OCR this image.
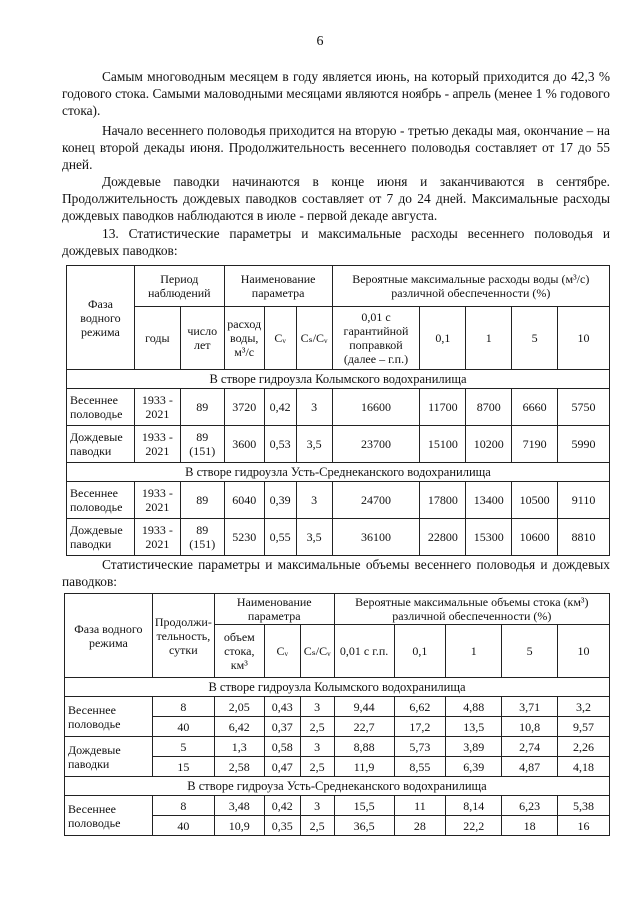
6

Самым многоводным месяцем в году является июнь, на который приходится до 42,3 % годового стока. Самыми маловодными месяцами являются ноябрь - апрель (менее 1 % годового стока).

Начало весеннего половодья приходится на вторую - третью декады мая, окончание – на конец второй декады июня. Продолжительность весеннего половодья составляет от 17 до 55 дней.

Дождевые паводки начинаются в конце июня и заканчиваются в сентябре. Продолжительность дождевых паводков составляет от 7 до 24 дней. Максимальные расходы дождевых паводков наблюдаются в июле - первой декаде августа.

13. Статистические параметры и максимальные расходы весеннего половодья и дождевых паводков:

Фаза водного режима	Период наблюдений		Наименование параметра			Вероятные максимальные расходы воды (м³/с) различной обеспеченности (%)				
	годы	число лет	расход воды, м³/с	Cᵥ	Cₛ/Cᵥ	0,01 с гарантийной поправкой (далее – г.п.)	0,1	1	5	10
В створе гидроузла Колымского водохранилища										
Весеннее половодье	1933 - 2021	89	3720	0,42	3	16600	11700	8700	6660	5750
Дождевые паводки	1933 - 2021	89 (151)	3600	0,53	3,5	23700	15100	10200	7190	5990
В створе гидроузла Усть-Среднеканского водохранилища										
Весеннее половодье	1933 - 2021	89	6040	0,39	3	24700	17800	13400	10500	9110
Дождевые паводки	1933 - 2021	89 (151)	5230	0,55	3,5	36100	22800	15300	10600	8810

Статистические параметры и максимальные объемы весеннего половодья и дождевых паводков:

Фаза водного режима	Продолжи-тельность, сутки	Наименование параметра			Вероятные максимальные объемы стока (км³) различной обеспеченности (%)				
		объем стока, км³	Cᵥ	Cₛ/Cᵥ	0,01 с г.п.	0,1	1	5	10
В створе гидроузла Колымского водохранилища									
Весеннее половодье	8	2,05	0,43	3	9,44	6,62	4,88	3,71	3,2
	40	6,42	0,37	2,5	22,7	17,2	13,5	10,8	9,57
Дождевые паводки	5	1,3	0,58	3	8,88	5,73	3,89	2,74	2,26
	15	2,58	0,47	2,5	11,9	8,55	6,39	4,87	4,18
В створе гидроуза Усть-Среднеканского водохранилища									
Весеннее половодье	8	3,48	0,42	3	15,5	11	8,14	6,23	5,38
	40	10,9	0,35	2,5	36,5	28	22,2	18	16
